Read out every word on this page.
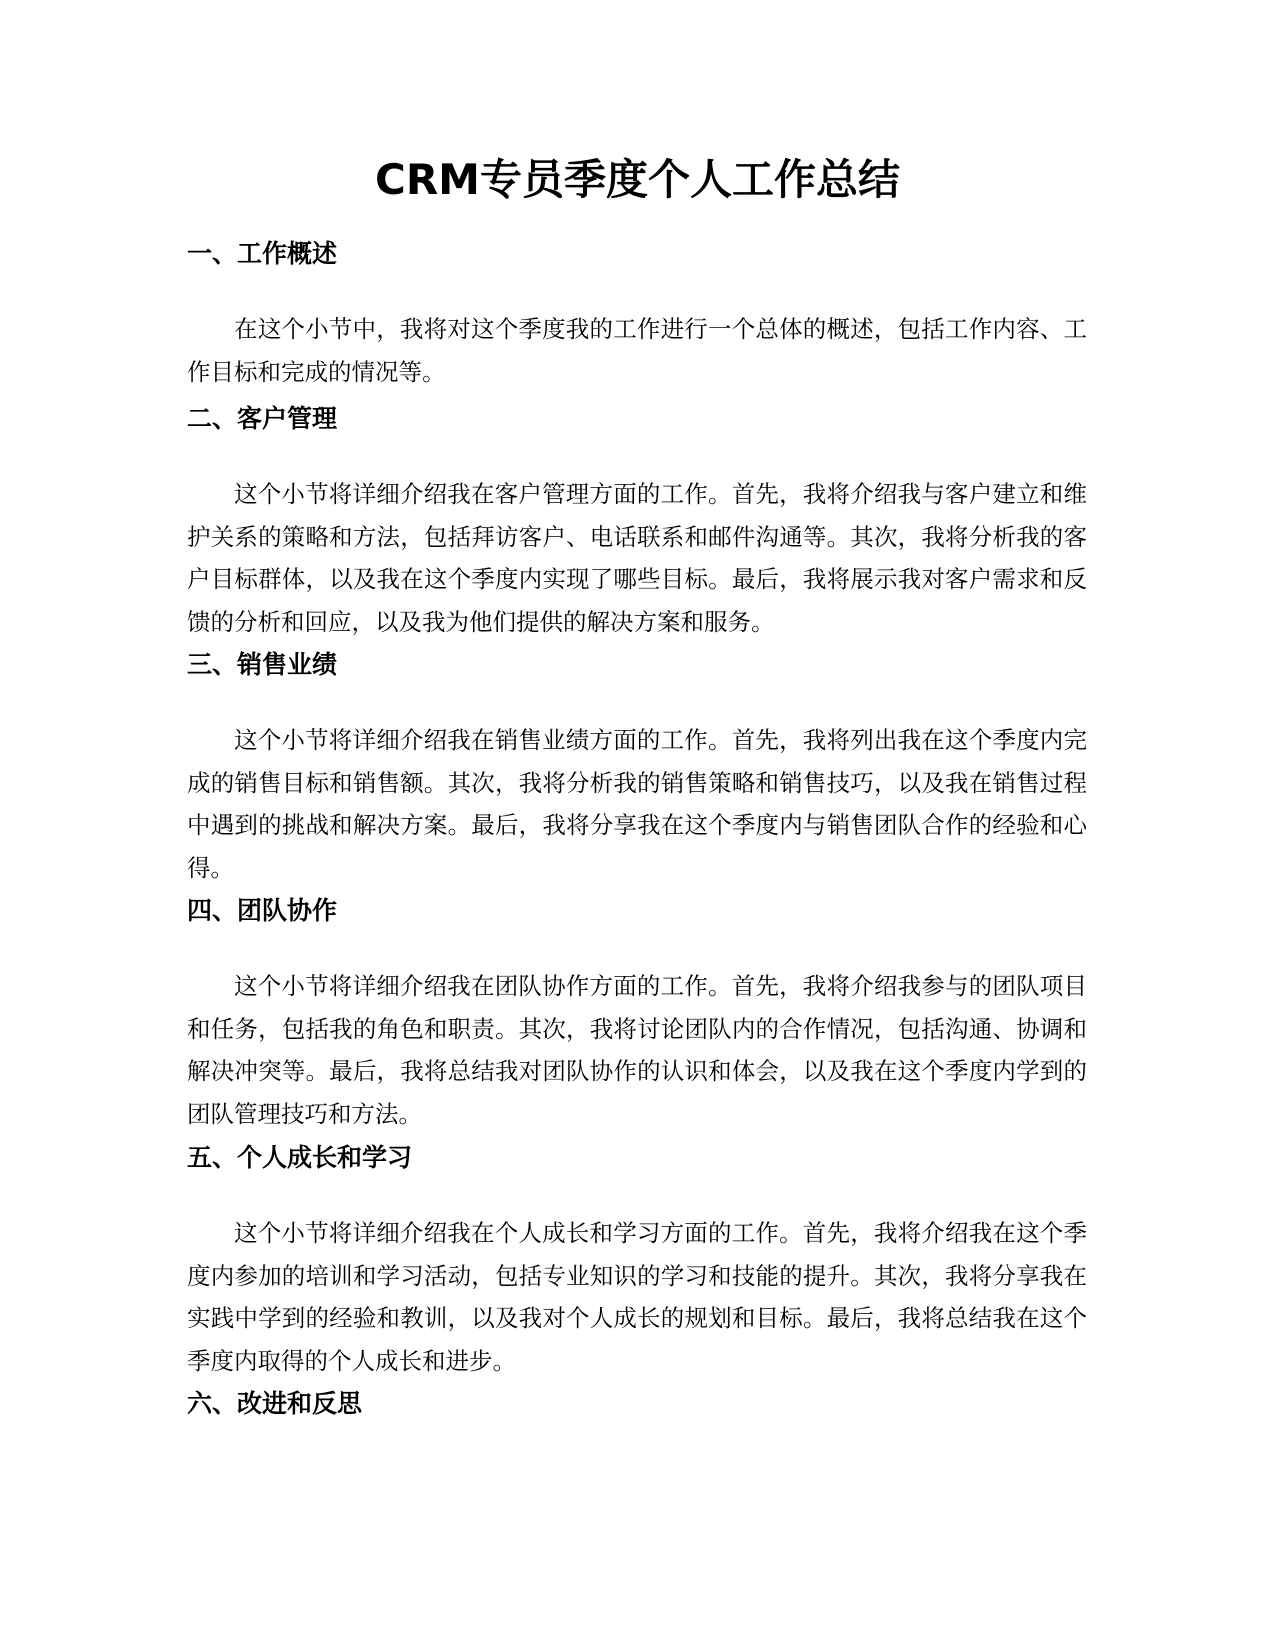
CRM专员季度个人工作总结
一、工作概述

在这个小节中，我将对这个季度我的工作进行一个总体的概述，包括工作内容、工作目标和完成的情况等。

二、客户管理

这个小节将详细介绍我在客户管理方面的工作。首先，我将介绍我与客户建立和维护关系的策略和方法，包括拜访客户、电话联系和邮件沟通等。其次，我将分析我的客户目标群体，以及我在这个季度内实现了哪些目标。最后，我将展示我对客户需求和反馈的分析和回应，以及我为他们提供的解决方案和服务。

三、销售业绩

这个小节将详细介绍我在销售业绩方面的工作。首先，我将列出我在这个季度内完成的销售目标和销售额。其次，我将分析我的销售策略和销售技巧，以及我在销售过程中遇到的挑战和解决方案。最后，我将分享我在这个季度内与销售团队合作的经验和心得。

四、团队协作

这个小节将详细介绍我在团队协作方面的工作。首先，我将介绍我参与的团队项目和任务，包括我的角色和职责。其次，我将讨论团队内的合作情况，包括沟通、协调和解决冲突等。最后，我将总结我对团队协作的认识和体会，以及我在这个季度内学到的团队管理技巧和方法。

五、个人成长和学习

这个小节将详细介绍我在个人成长和学习方面的工作。首先，我将介绍我在这个季度内参加的培训和学习活动，包括专业知识的学习和技能的提升。其次，我将分享我在实践中学到的经验和教训，以及我对个人成长的规划和目标。最后，我将总结我在这个季度内取得的个人成长和进步。

六、改进和反思
